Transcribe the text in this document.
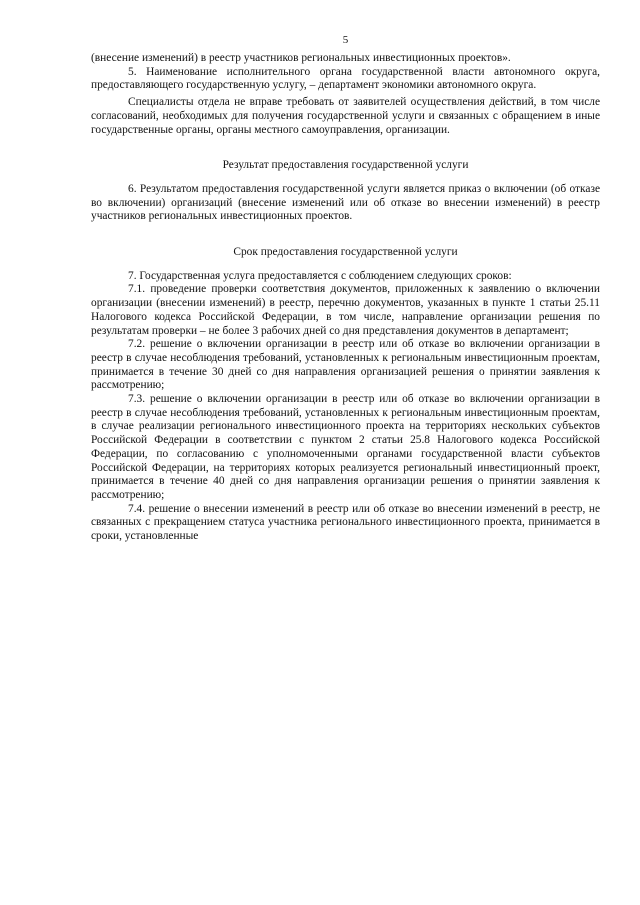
5

(внесение изменений) в реестр участников региональных инвестиционных проектов».

5. Наименование исполнительного органа государственной власти автономного округа, предоставляющего государственную услугу, – департамент экономики автономного округа.

Специалисты отдела не вправе требовать от заявителей осуществления действий, в том числе согласований, необходимых для получения государственной услуги и связанных с обращением в иные государственные органы, органы местного самоуправления, организации.

Результат предоставления государственной услуги

6. Результатом предоставления государственной услуги является приказ о включении (об отказе во включении) организаций (внесение изменений или об отказе во внесении изменений) в реестр участников региональных инвестиционных проектов.

Срок предоставления государственной услуги

7. Государственная услуга предоставляется с соблюдением следующих сроков:

7.1. проведение проверки соответствия документов, приложенных к заявлению о включении организации (внесении изменений) в реестр, перечню документов, указанных в пункте 1 статьи 25.11 Налогового кодекса Российской Федерации, в том числе, направление организации решения по результатам проверки – не более 3 рабочих дней со дня представления документов в департамент;

7.2. решение о включении организации в реестр или об отказе во включении организации в реестр в случае несоблюдения требований, установленных к региональным инвестиционным проектам, принимается в течение 30 дней со дня направления организацией решения о принятии заявления к рассмотрению;

7.3. решение о включении организации в реестр или об отказе во включении организации в реестр в случае несоблюдения требований, установленных к региональным инвестиционным проектам, в случае реализации регионального инвестиционного проекта на территориях нескольких субъектов Российской Федерации в соответствии с пунктом 2 статьи 25.8 Налогового кодекса Российской Федерации, по согласованию с уполномоченными органами государственной власти субъектов Российской Федерации, на территориях которых реализуется региональный инвестиционный проект, принимается в течение 40 дней со дня направления организации решения о принятии заявления к рассмотрению;

7.4. решение о внесении изменений в реестр или об отказе во внесении изменений в реестр, не связанных с прекращением статуса участника регионального инвестиционного проекта, принимается в сроки, установленные
